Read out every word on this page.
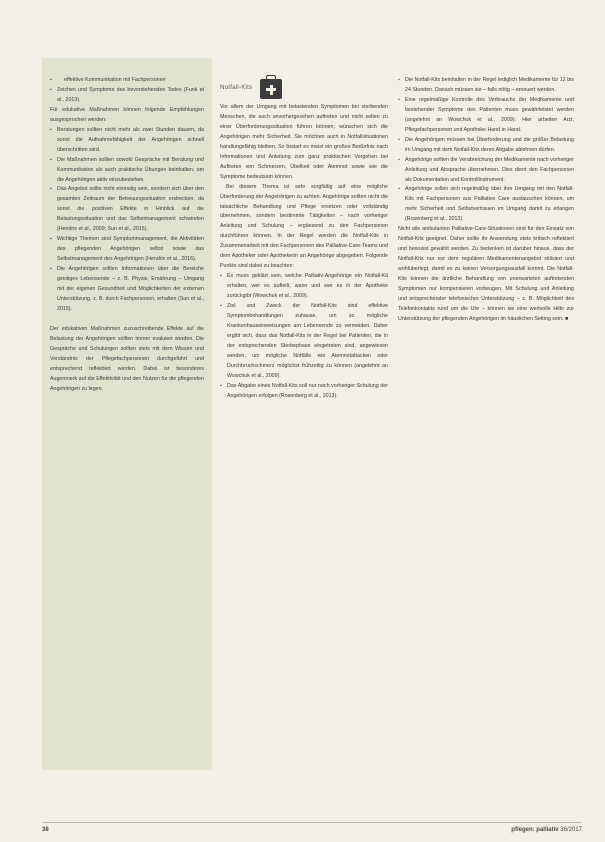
▪ effektive Kommunikation mit Fachpersonen
▪ Zeichen und Symptome des bevorstehenden Todes (Funk et al., 2013).

Für edukative Maßnahmen können folgende Empfehlungen ausgesprochen werden:

▪ Beratungen sollten nicht mehr als zwei Stunden dauern, da sonst die Aufnahmefähigkeit der Angehörigen schnell überschritten wird.
▪ Die Maßnahmen sollten sowohl Gespräche mit Beratung und Kommunikation als auch praktische Übungen beinhalten, um die Angehörigen aktiv einzubeziehen.
▪ Das Angebot sollte nicht einmalig sein, sondern sich über den gesamten Zeitraum der Betreuungssituation erstrecken, da sonst die positiven Effekte in Hinblick auf die Belastungssituation und das Selbstmanagement schwinden (Hendrix et al., 2009; Sun et al., 2015).
▪ Wichtige Themen sind Symptommanagement, die Aktivitäten des pflegenden Angehörigen selbst sowie das Selbstmanagement des Angehörigen (Hendrix et al., 2016).
▪ Die Angehörigen sollten Informationen über die Bereiche geistiges Lebensende – z. B. Physis, Ernährung – Umgang mit der eigenen Gesundheit und Möglichkeiten der externen Unterstützung, z. B. durch Fachpersonen, erhalten (Sun et al., 2015).

Der edukativen Maßnahmen zuzuschreibende Effekte auf die Belastung der Angehörigen sollten immer evaluiert werden. Die Gespräche und Schulungen sollten stets mit dem Wissen und Verständnis der Pflegefachpersonen durchgeführt und entsprechend reflektiert werden. Dabei ist besonderes Augenmerk auf die Effektivität und den Nutzen für die pflegenden Angehörigen zu legen.

Notfall-Kits

Vor allem der Umgang mit belastenden Symptomen bei sterbenden Menschen, die auch unvorhergesehen auftreten und nicht selten zu einer Überforderungssituation führen können, wünschen sich die Angehörigen mehr Sicherheit. Sie möchten auch in Notfallsituationen handlungsfähig bleiben. So bedarf es meist ein großes Bedürfnis nach Informationen und Anleitung zum ganz praktischen Vorgehen bei Auftreten von Schmerzen, Übelkeit oder Atemnot sowie wie die Symptome bedeutsam können.

Bei diesem Thema ist sehr sorgfältig auf eine mögliche Überforderung der Angehörigen zu achten. Angehörige sollten nicht die tatsächliche Behandlung und Pflege ersetzen oder vollständig übernehmen, sondern bestimmte Tätigkeiten – nach vorheriger Anleitung und Schulung – ergänzend zu den Fachpersonen durchführen können. In der Regel werden die Notfall-Kits in Zusammenarbeit mit den Fachpersonen des Palliative-Care-Teams und dem Apotheker oder Apothekerin an Angehörige abgegeben. Folgende Punkte sind dabei zu beachten:

▪ Es muss geklärt sein, welche Palliativ-Angehörige ein Notfall-Kit erhalten, wer es aufteilt, wann und wer es in der Apotheke zurückgibt (Wowchuk et al., 2009).
▪ Ziel und Zweck der Notfall-Kits sind effektive Symptombehandlungen zuhause, um so mögliche Krankenhauseinweisungen am Lebensende zu vermeiden. Daher ergibt sich, dass das Notfall-Kits in der Regel bei Patienten, die in der entsprechenden Sterbephase eingetreten sind, angewiesen werden, um mögliche Notfälle wie Atemnotattacken oder Durchbruchschmerz möglichst frühzeitig zu können (angelehnt an Wowchuk et al., 2009).
▪ Das Abgabe eines Notfall-Kits soll nur nach vorheriger Schulung der Angehörigen erfolgen (Rosenberg et al., 2013).
▪ Die Notfall-Kits beinhalten in der Regel lediglich Medikamente für 12 bis 24 Stunden. Danach müssen sie – falls nötig – erneuert werden.
▪ Eine regelmäßige Kontrolle des Verbrauchs der Medikamente und bestehender Symptome des Patienten muss gewährleistet werden (angelehnt an Wowchuk et al., 2009). Hier arbeiten Arzt, Pflegefachpersonen und Apotheke Hand in Hand.
▪ Die Angehörigen müssen bei Überforderung und die größer Belastung im Umgang mit dem Notfall-Kits deren Abgabe ablehnen dürfen.
▪ Angehörige sollten die Verabreichung der Medikamente nach vorheriger Anleitung und Absprache übernehmen. Dies dient den Fachpersonen als Dokumentation und Kontrollinstrument.
▪ Angehörige sollen sich regelmäßig über ihre Umgang mit den Notfall-Kits mit Fachpersonen aus Palliative Care austauschen können, um mehr Sicherheit und Selbstvertrauen im Umgang damit zu erlangen (Rosenberg et al., 2013).

Nicht alle ambulanten Palliative-Care-Situationen sind für den Einsatz von Notfall-Kits geeignet. Daher sollte ihr Anwendung stets kritisch reflektiert und bewusst gewählt werden. Zu bedenken ist darüber hinaus, dass der Notfall-Kits nur vor dem regulären Medikamentenangebot stilisiert und wohlüberlegt, damit es zu keinen Versorgungsausfall kommt. Die Notfall-Kits können die ärztliche Behandlung von unerwarteten auftretenden Symptomen nur kompensieren vorbeugen. Mit Schulung und Anleitung und entsprechender telefonischer Unterstützung – z. B. Möglichkeit des Telefonkontakts rund um die Uhr – können sie eine wertvolle Hilfe zur Unterstützung der pflegenden Angehörigen im häuslichen Setting sein. ■

38	pflegen: palliativ 36/2017
